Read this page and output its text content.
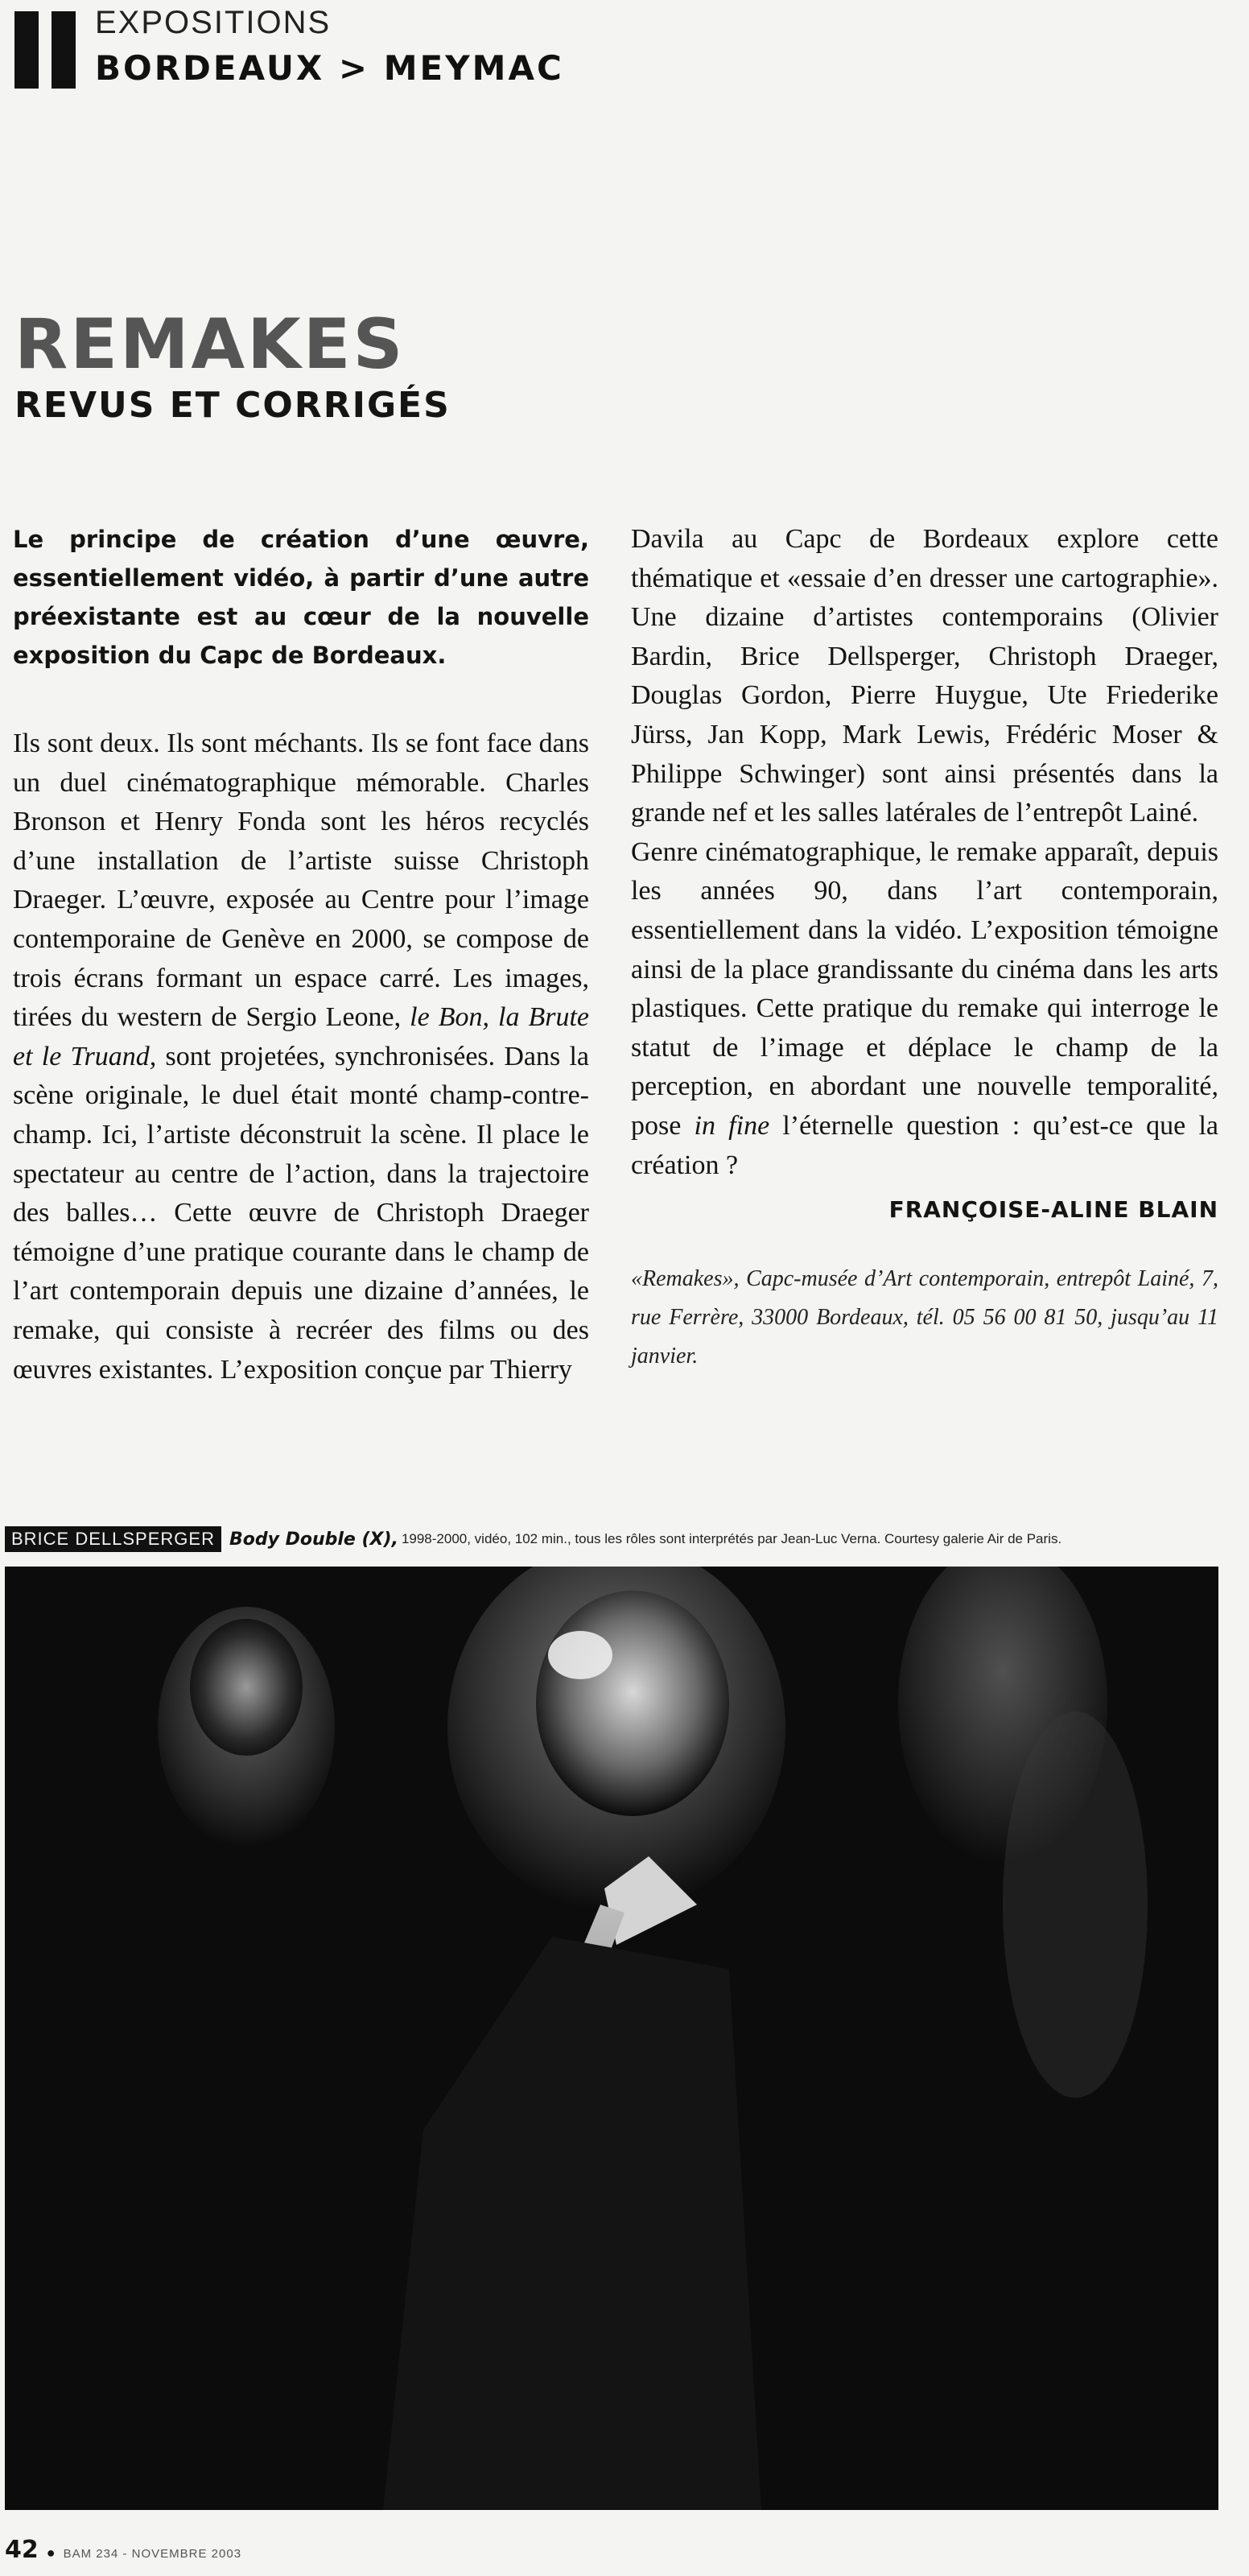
EXPOSITIONS
BORDEAUX > MEYMAC
REMAKES
REVUS ET CORRIGÉS

Le principe de création d’une œuvre, essentiellement vidéo, à partir d’une autre préexistante est au cœur de la nouvelle exposition du Capc de Bordeaux.

Ils sont deux. Ils sont méchants. Ils se font face dans un duel cinématographique mémorable. Charles Bronson et Henry Fonda sont les héros recyclés d’une installation de l’artiste suisse Christoph Draeger. L’œuvre, exposée au Centre pour l’image contemporaine de Genève en 2000, se compose de trois écrans formant un espace carré. Les images, tirées du western de Sergio Leone, le Bon, la Brute et le Truand, sont projetées, synchronisées. Dans la scène originale, le duel était monté champ-contre-champ. Ici, l’artiste déconstruit la scène. Il place le spectateur au centre de l’action, dans la trajectoire des balles… Cette œuvre de Christoph Draeger témoigne d’une pratique courante dans le champ de l’art contemporain depuis une dizaine d’années, le remake, qui consiste à recréer des films ou des œuvres existantes. L’exposition conçue par Thierry

Davila au Capc de Bordeaux explore cette thématique et «essaie d’en dresser une cartographie». Une dizaine d’artistes contemporains (Olivier Bardin, Brice Dellsperger, Christoph Draeger, Douglas Gordon, Pierre Huygue, Ute Friederike Jürss, Jan Kopp, Mark Lewis, Frédéric Moser & Philippe Schwinger) sont ainsi présentés dans la grande nef et les salles latérales de l’entrepôt Lainé.

Genre cinématographique, le remake apparaît, depuis les années 90, dans l’art contemporain, essentiellement dans la vidéo. L’exposition témoigne ainsi de la place grandissante du cinéma dans les arts plastiques. Cette pratique du remake qui interroge le statut de l’image et déplace le champ de la perception, en abordant une nouvelle temporalité, pose in fine l’éternelle question : qu’est-ce que la création ?

FRANÇOISE-ALINE BLAIN

«Remakes», Capc-musée d’Art contemporain, entrepôt Lainé, 7, rue Ferrère, 33000 Bordeaux, tél. 05 56 00 81 50, jusqu’au 11 janvier.

BRICE DELLSPERGER Body Double (X), 1998-2000, vidéo, 102 min., tous les rôles sont interprétés par Jean-Luc Verna. Courtesy galerie Air de Paris.
42 ● BAM 234 - NOVEMBRE 2003
